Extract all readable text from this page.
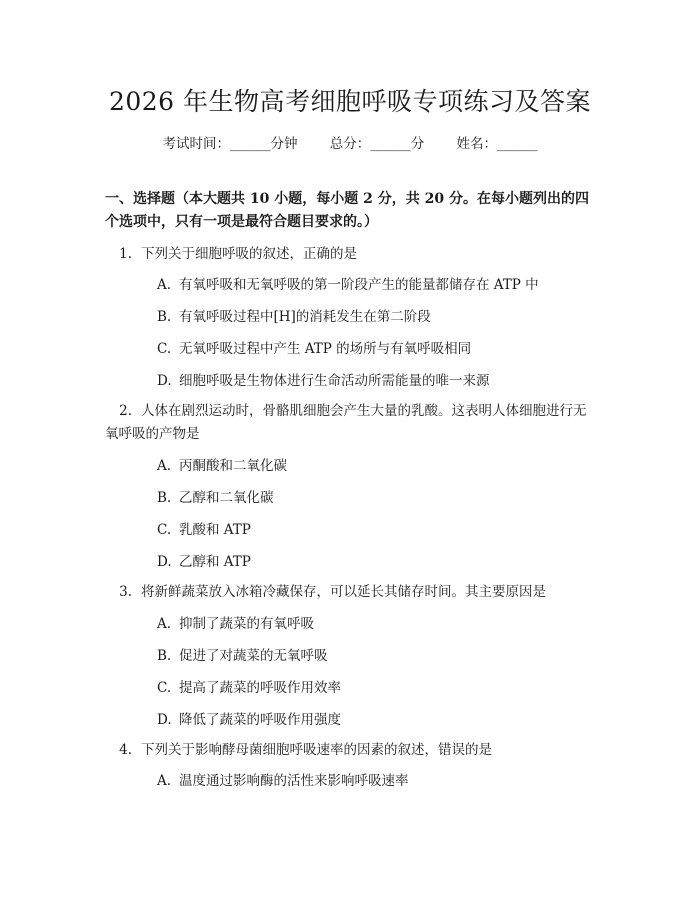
2026 年生物高考细胞呼吸专项练习及答案
考试时间：______分钟 总分：______分 姓名：______
一、选择题（本大题共 10 小题，每小题 2 分，共 20 分。在每小题列出的四个选项中，只有一项是最符合题目要求的。）
1. 下列关于细胞呼吸的叙述，正确的是
A. 有氧呼吸和无氧呼吸的第一阶段产生的能量都储存在 ATP 中
B. 有氧呼吸过程中[H]的消耗发生在第二阶段
C. 无氧呼吸过程中产生 ATP 的场所与有氧呼吸相同
D. 细胞呼吸是生物体进行生命活动所需能量的唯一来源
2. 人体在剧烈运动时，骨骼肌细胞会产生大量的乳酸。这表明人体细胞进行无氧呼吸的产物是
A. 丙酮酸和二氧化碳
B. 乙醇和二氧化碳
C. 乳酸和 ATP
D. 乙醇和 ATP
3. 将新鲜蔬菜放入冰箱冷藏保存，可以延长其储存时间。其主要原因是
A. 抑制了蔬菜的有氧呼吸
B. 促进了对蔬菜的无氧呼吸
C. 提高了蔬菜的呼吸作用效率
D. 降低了蔬菜的呼吸作用强度
4. 下列关于影响酵母菌细胞呼吸速率的因素的叙述，错误的是
A. 温度通过影响酶的活性来影响呼吸速率
